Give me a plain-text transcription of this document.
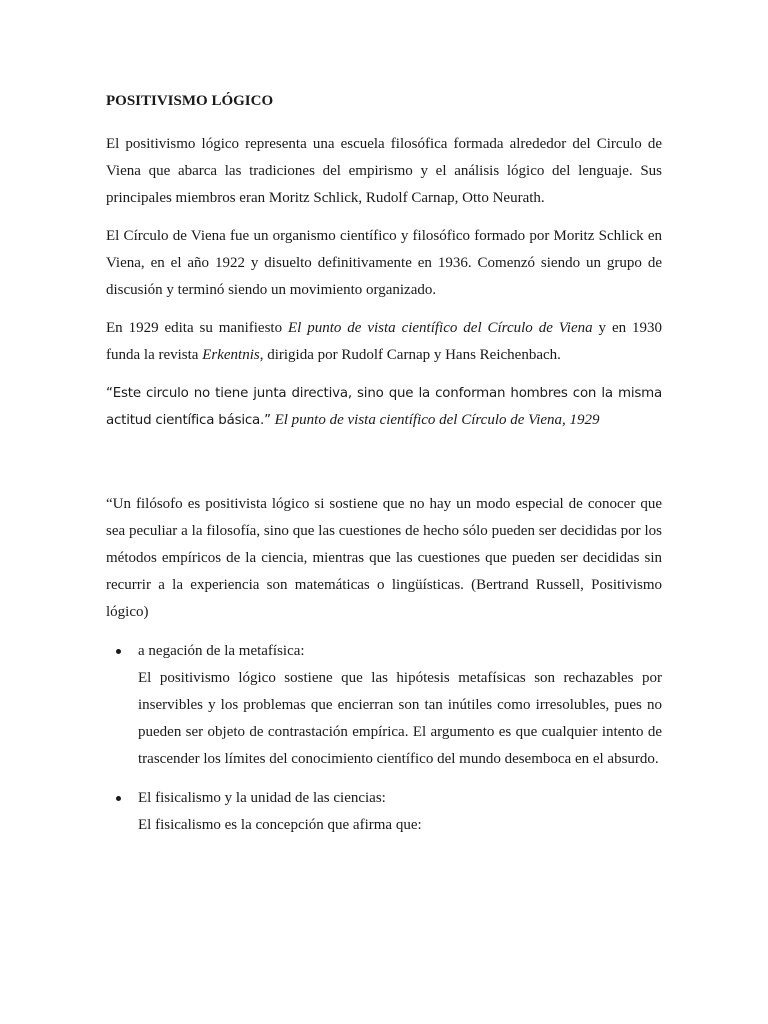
POSITIVISMO LÓGICO

El positivismo lógico representa una escuela filosófica formada alrededor del Circulo de Viena que abarca las tradiciones del empirismo y el análisis lógico del lenguaje. Sus principales miembros eran Moritz Schlick, Rudolf Carnap, Otto Neurath.

El Círculo de Viena fue un organismo científico y filosófico formado por Moritz Schlick en Viena, en el año 1922 y disuelto definitivamente en 1936. Comenzó siendo un grupo de discusión y terminó siendo un movimiento organizado.

En 1929 edita su manifiesto El punto de vista científico del Círculo de Viena y en 1930 funda la revista Erkentnis, dirigida por Rudolf Carnap y Hans Reichenbach.

“Este circulo no tiene junta directiva, sino que la conforman hombres con la misma actitud científica básica.” El punto de vista científico del Círculo de Viena, 1929

“Un filósofo es positivista lógico si sostiene que no hay un modo especial de conocer que sea peculiar a la filosofía, sino que las cuestiones de hecho sólo pueden ser decididas por los métodos empíricos de la ciencia, mientras que las cuestiones que pueden ser decididas sin recurrir a la experiencia son matemáticas o lingüísticas. (Bertrand Russell, Positivismo lógico)

a negación de la metafísica:
El positivismo lógico sostiene que las hipótesis metafísicas son rechazables por inservibles y los problemas que encierran son tan inútiles como irresolubles, pues no pueden ser objeto de contrastación empírica. El argumento es que cualquier intento de trascender los límites del conocimiento científico del mundo desemboca en el absurdo.
El fisicalismo y la unidad de las ciencias:
El fisicalismo es la concepción que afirma que:
